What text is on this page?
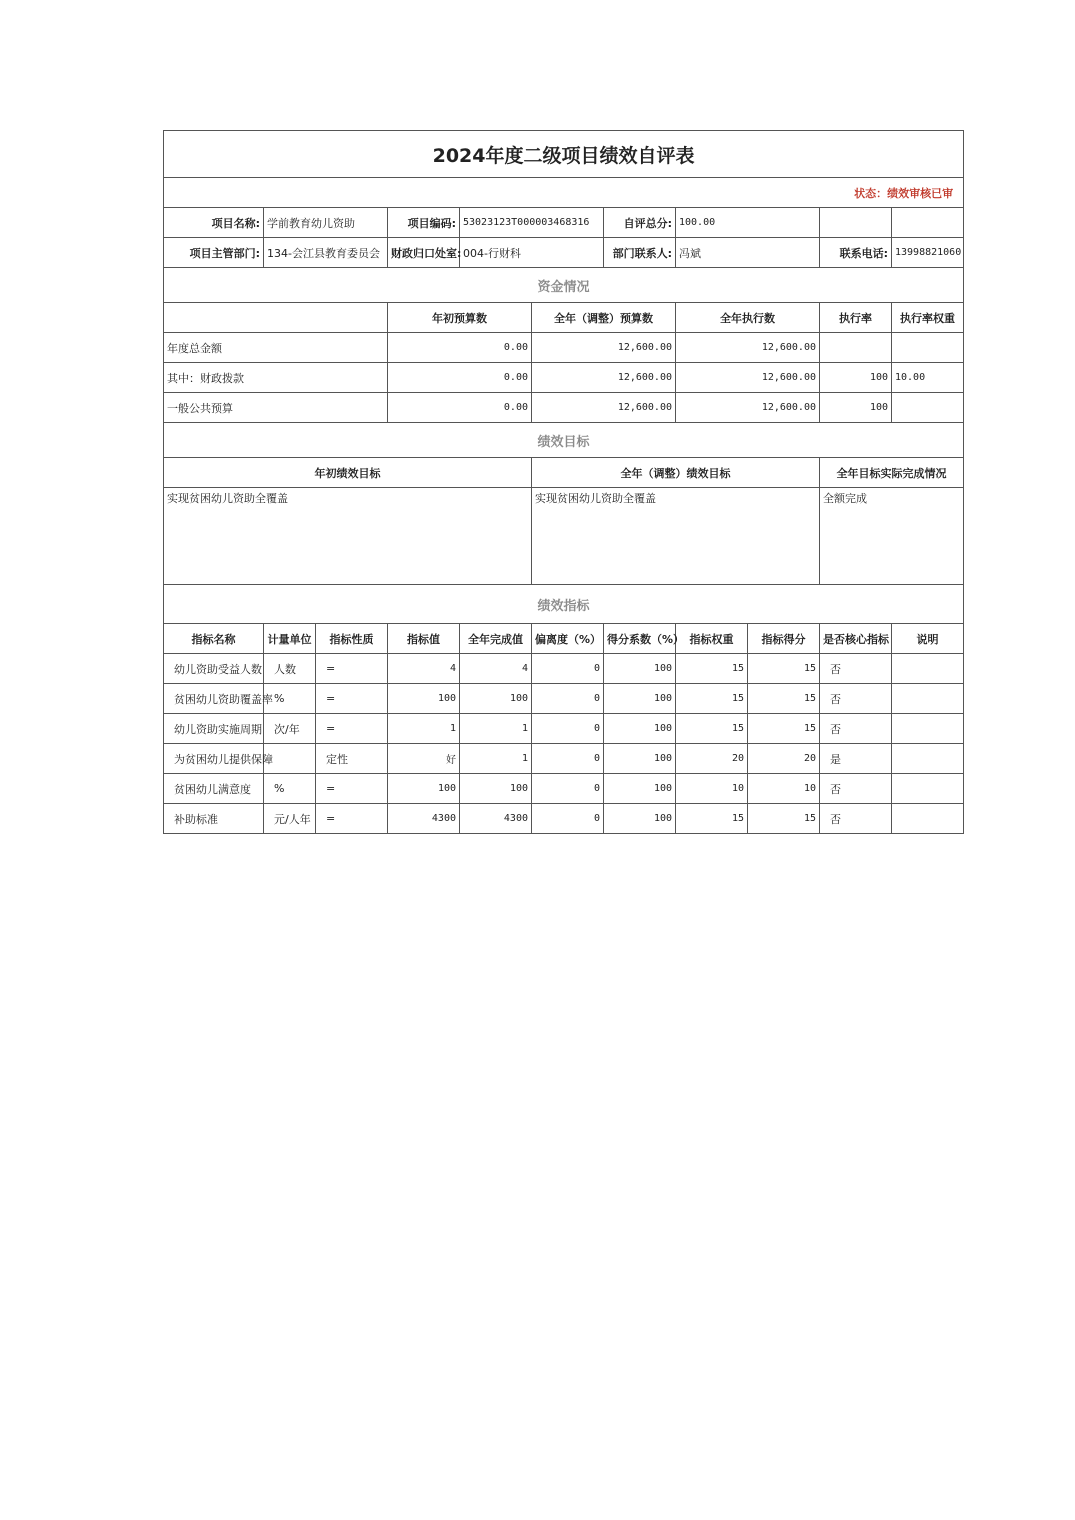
2024年度二级项目绩效自评表											
状态：绩效审核已审											
项目名称:	学前教育幼儿资助		项目编码:	53023123T000003468316		自评总分:	100.00				
项目主管部门:	134-会江县教育委员会		财政归口处室:	004-行财科		部门联系人:	冯斌		联系电话:	13998821060	
资金情况											
			年初预算数		全年（调整）预算数		全年执行数		执行率	执行率权重	
年度总金额			0.00		12,600.00		12,600.00				
其中：财政拨款			0.00		12,600.00		12,600.00		100	10.00	
一般公共预算			0.00		12,600.00		12,600.00		100		
绩效目标											
年初绩效目标					全年（调整）绩效目标				全年目标实际完成情况		
实现贫困幼儿资助全覆盖					实现贫困幼儿资助全覆盖				全额完成		
绩效指标											
指标名称	计量单位	指标性质	指标值	全年完成值	偏离度（%）	得分系数（%）	指标权重	指标得分	是否核心指标	说明	
幼儿资助受益人数	人数	=	4	4	0	100	15	15	否		
贫困幼儿资助覆盖率	%	=	100	100	0	100	15	15	否		
幼儿资助实施周期	次/年	=	1	1	0	100	15	15	否		
为贫困幼儿提供保障		定性	好	1	0	100	20	20	是		
贫困幼儿满意度	%	=	100	100	0	100	10	10	否		
补助标准	元/人年	=	4300	4300	0	100	15	15	否		
